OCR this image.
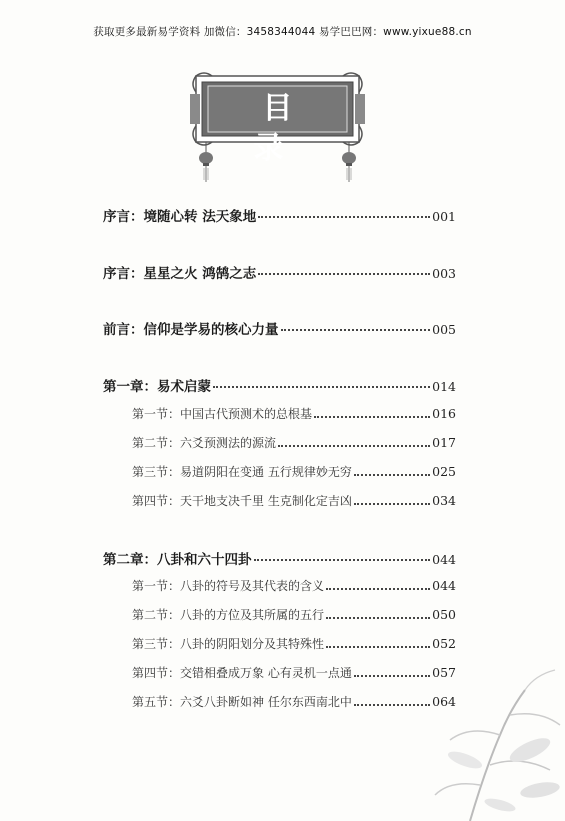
获取更多最新易学资料 加微信：3458344044 易学巴巴网：www.yixue88.cn
目 录
序言：境随心转 法天象地	001
序言：星星之火 鸿鹄之志	003
前言：信仰是学易的核心力量	005
第一章：易术启蒙	014
第一节：中国古代预测术的总根基	016
第二节：六爻预测法的源流	017
第三节：易道阴阳在变通 五行规律妙无穷	025
第四节：天干地支决千里 生克制化定吉凶	034
第二章：八卦和六十四卦	044
第一节：八卦的符号及其代表的含义	044
第二节：八卦的方位及其所属的五行	050
第三节：八卦的阴阳划分及其特殊性	052
第四节：交错相叠成万象 心有灵机一点通	057
第五节：六爻八卦断如神 任尔东西南北中	064
